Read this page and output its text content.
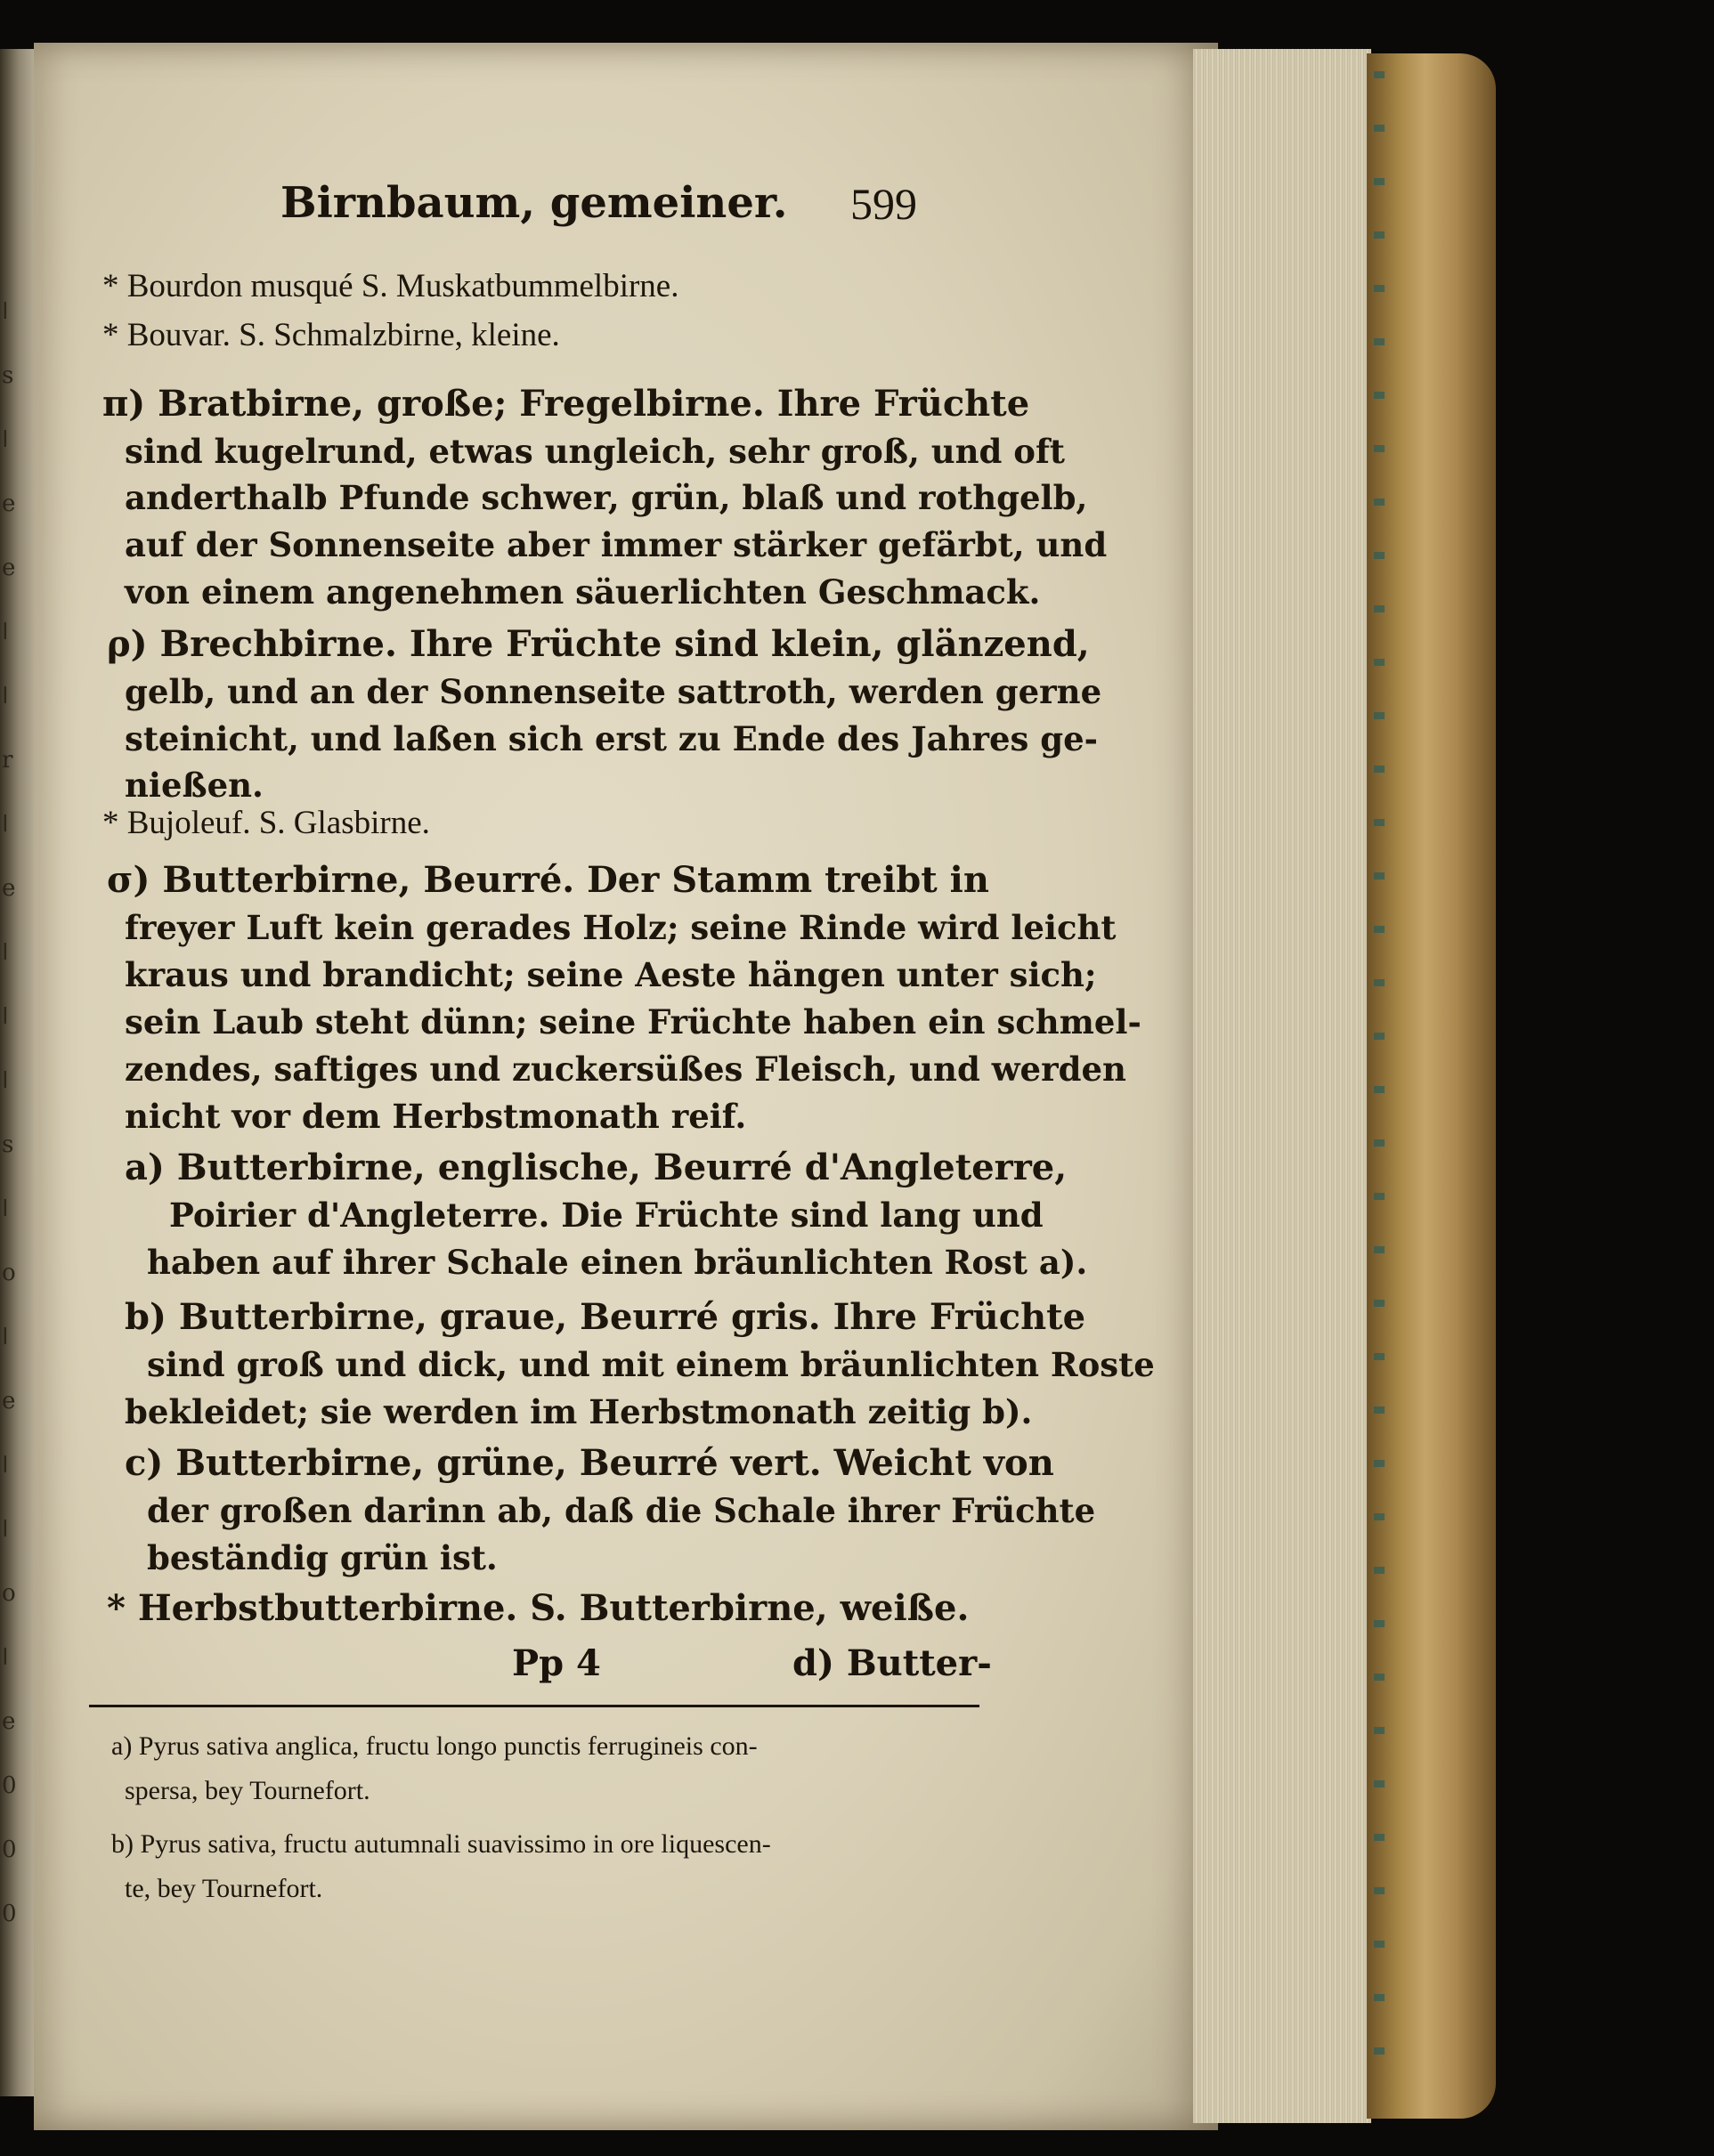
ǀ
s
ǀ
e
e
ǀ
ǀ
r
ǀ
e
ǀ
ǀ
ǀ
s
ǀ
o
ǀ
e
ǀ
ǀ
o
ǀ
e
0
0
0
Birnbaum, gemeiner. 599
* Bourdon musqué S. Muskatbummelbirne.
* Bouvar. S. Schmalzbirne, kleine.
π) Bratbirne, große; Fregelbirne. Ihre Früchte
sind kugelrund, etwas ungleich, sehr groß, und oft
anderthalb Pfunde schwer, grün, blaß und rothgelb,
auf der Sonnenseite aber immer stärker gefärbt, und
von einem angenehmen säuerlichten Geschmack.
ρ) Brechbirne. Ihre Früchte sind klein, glänzend,
gelb, und an der Sonnenseite sattroth, werden gerne
steinicht, und laßen sich erst zu Ende des Jahres ge-
nießen.
* Bujoleuf. S. Glasbirne.
σ) Butterbirne, Beurré. Der Stamm treibt in
freyer Luft kein gerades Holz; seine Rinde wird leicht
kraus und brandicht; seine Aeste hängen unter sich;
sein Laub steht dünn; seine Früchte haben ein schmel-
zendes, saftiges und zuckersüßes Fleisch, und werden
nicht vor dem Herbstmonath reif.
a) Butterbirne, englische, Beurré d'Angleterre,
Poirier d'Angleterre. Die Früchte sind lang und
haben auf ihrer Schale einen bräunlichten Rost a).
b) Butterbirne, graue, Beurré gris. Ihre Früchte
sind groß und dick, und mit einem bräunlichten Roste
bekleidet; sie werden im Herbstmonath zeitig b).
c) Butterbirne, grüne, Beurré vert. Weicht von
der großen darinn ab, daß die Schale ihrer Früchte
beständig grün ist.
* Herbstbutterbirne. S. Butterbirne, weiße.
Pp 4	d) Butter-
a) Pyrus sativa anglica, fructu longo punctis ferrugineis con-
spersa, bey Tournefort.
b) Pyrus sativa, fructu autumnali suavissimo in ore liquescen-
te, bey Tournefort.
